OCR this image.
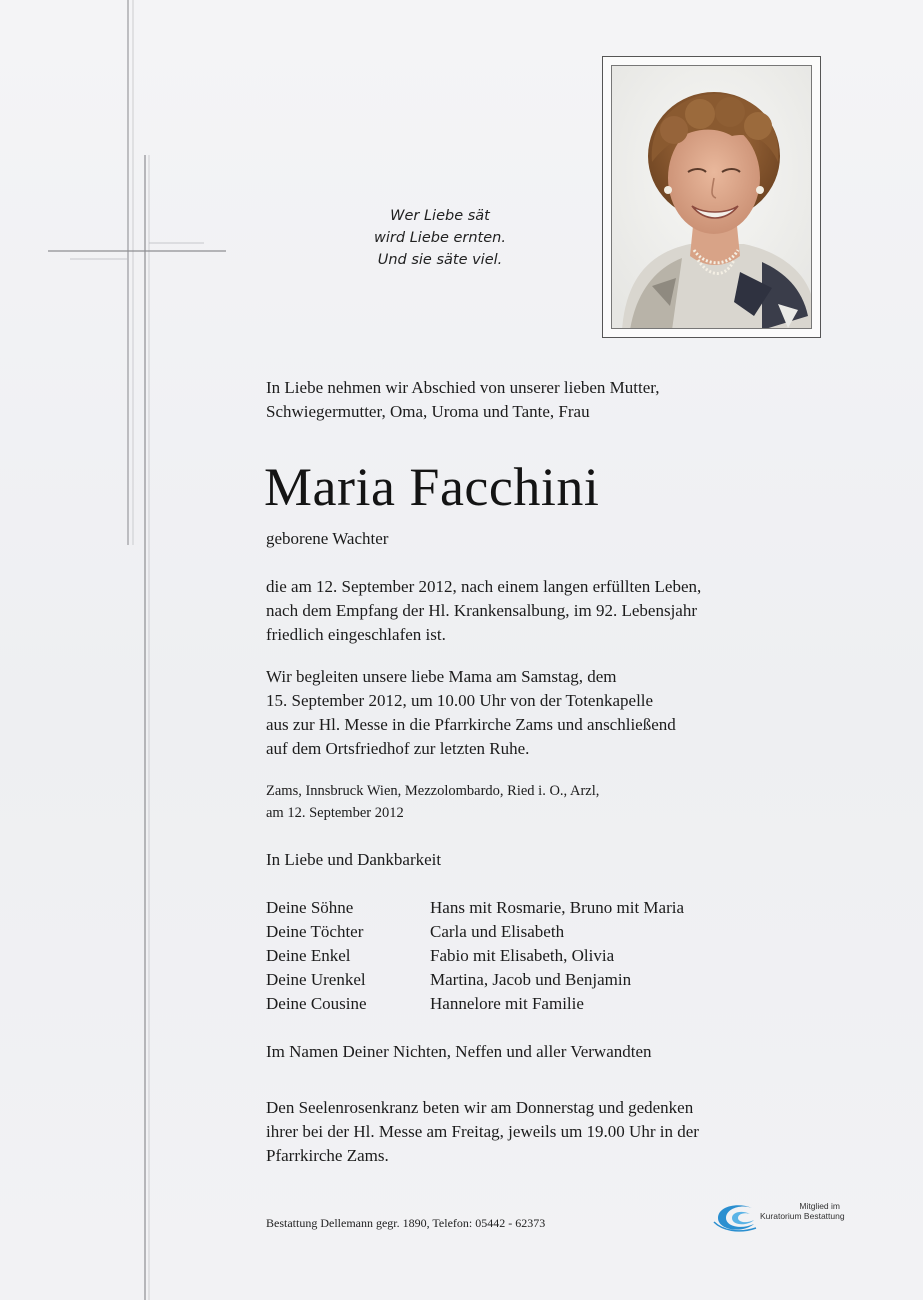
Wer Liebe sät
wird Liebe ernten.
Und sie säte viel.
In Liebe nehmen wir Abschied von unserer lieben Mutter,
Schwiegermutter, Oma, Uroma und Tante, Frau
Maria Facchini
geborene Wachter
die am 12. September 2012, nach einem langen erfüllten Leben,
nach dem Empfang der Hl. Krankensalbung, im 92. Lebensjahr
friedlich eingeschlafen ist.
Wir begleiten unsere liebe Mama am Samstag, dem
15. September 2012, um 10.00 Uhr von der Totenkapelle
aus zur Hl. Messe in die Pfarrkirche Zams und anschließend
auf dem Ortsfriedhof zur letzten Ruhe.
Zams, Innsbruck Wien, Mezzolombardo, Ried i. O., Arzl,
am 12. September 2012
In Liebe und Dankbarkeit
Deine Söhne	Hans mit Rosmarie, Bruno mit Maria
Deine Töchter	Carla und Elisabeth
Deine Enkel	Fabio mit Elisabeth, Olivia
Deine Urenkel	Martina, Jacob und Benjamin
Deine Cousine	Hannelore mit Familie
Im Namen Deiner Nichten, Neffen und aller Verwandten
Den Seelenrosenkranz beten wir am Donnerstag und gedenken
ihrer bei der Hl. Messe am Freitag, jeweils um 19.00 Uhr in der
Pfarrkirche Zams.
Bestattung Dellemann gegr. 1890, Telefon: 05442 - 62373
Mitglied im
Kuratorium Bestattung
